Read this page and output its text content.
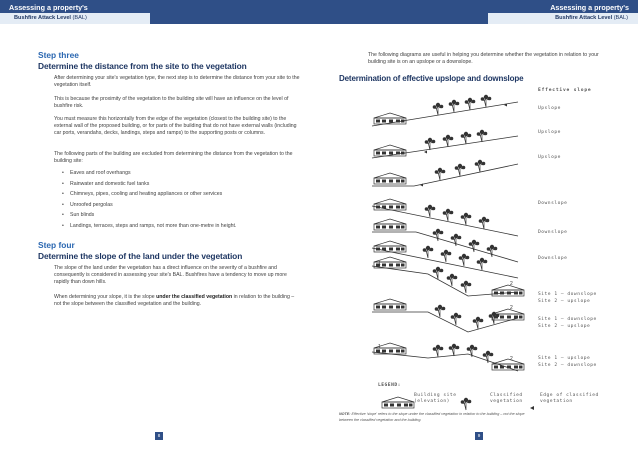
Assessing a property's	Assessing a property's
Bushfire Attack Level (BAL)	Bushfire Attack Level (BAL)
Step three
Determine the distance from the site to the vegetation
After determining your site's vegetation type, the next step is to determine the distance from your site to the vegetation itself.
This is because the proximity of the vegetation to the building site will have an influence on the level of bushfire risk.
You must measure this horizontally from the edge of the vegetation (closest to the building site) to the external wall of the proposed building, or for parts of the building that do not have external walls (including car ports, verandahs, decks, landings, steps and ramps) to the supporting posts or columns.
The following parts of the building are excluded from determining the distance from the vegetation to the building site:
• Eaves and roof overhangs
• Rainwater and domestic fuel tanks
• Chimneys, pipes, cooling and heating appliances or other services
• Unroofed pergolas
• Sun blinds
• Landings, terraces, steps and ramps, not more than one-metre in height.
Step four
Determine the slope of the land under the vegetation
The slope of the land under the vegetation has a direct influence on the severity of a bushfire and consequently is considered in assessing your site's BAL. Bushfires have a tendency to move up more rapidly than down hills.
When determining your slope, it is the slope under the classified vegetation in relation to the building – not the slope between the classified vegetation and the building.
8
The following diagrams are useful in helping you determine whether the vegetation in relation to your building site is on an upslope or a downslope.
Determination of effective upslope and downslope
1
2
2
1
2
Effective slope
Upslope
Upslope
Upslope
Downslope
Downslope
Downslope
Site 1 – downslope
Site 2 – upslope
Site 1 – downslope
Site 2 – upslope
Site 1 – upslope
Site 2 – downslope
LEGEND:
Building site
(elevation)
Classified
vegetation
Edge of classified
vegetation
NOTE: Effective 'slope' refers to the slope under the classified vegetation in relation to the building – not the slope between the classified vegetation and the building.
9
